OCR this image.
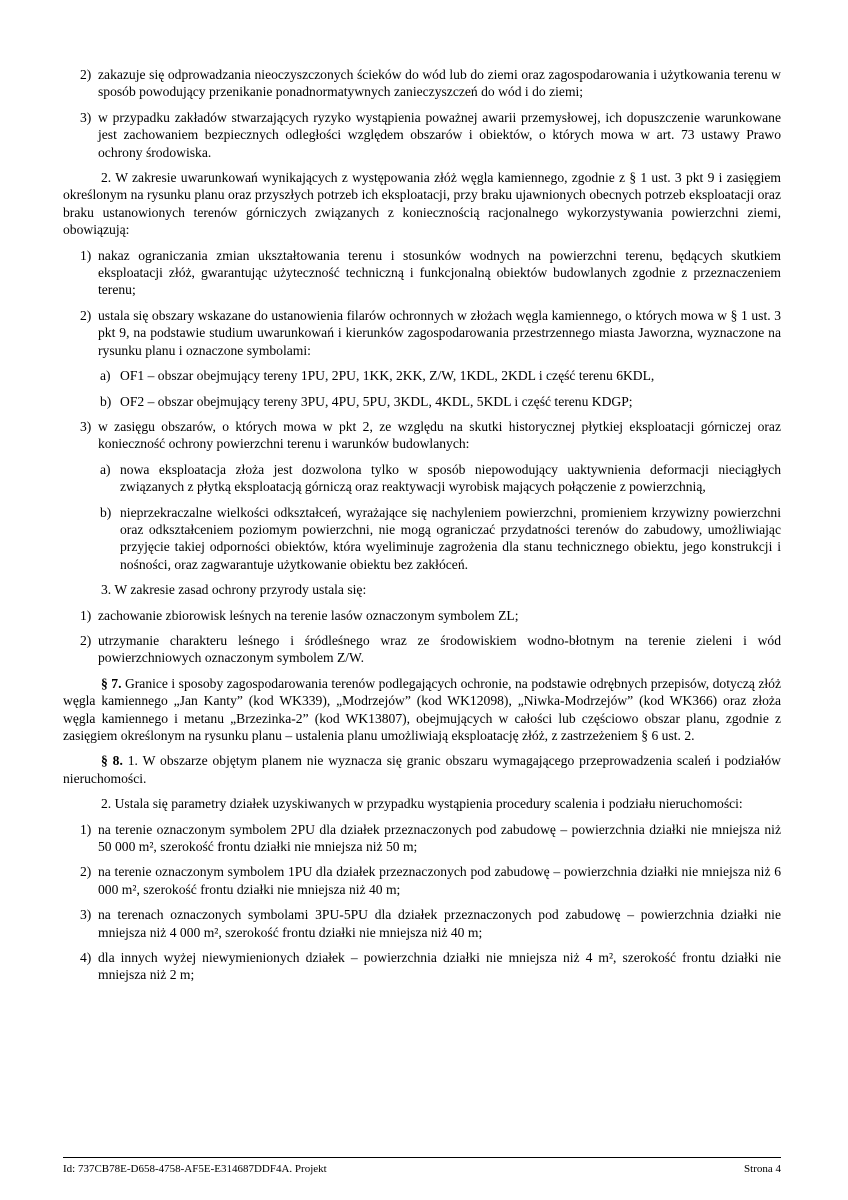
2) zakazuje się odprowadzania nieoczyszczonych ścieków do wód lub do ziemi oraz zagospodarowania i użytkowania terenu w sposób powodujący przenikanie ponadnormatywnych zanieczyszczeń do wód i do ziemi;
3) w przypadku zakładów stwarzających ryzyko wystąpienia poważnej awarii przemysłowej, ich dopuszczenie warunkowane jest zachowaniem bezpiecznych odległości względem obszarów i obiektów, o których mowa w art. 73 ustawy Prawo ochrony środowiska.

2. W zakresie uwarunkowań wynikających z występowania złóż węgla kamiennego, zgodnie z § 1 ust. 3 pkt 9 i zasięgiem określonym na rysunku planu oraz przyszłych potrzeb ich eksploatacji, przy braku ujawnionych obecnych potrzeb eksploatacji oraz braku ustanowionych terenów górniczych związanych z koniecznością racjonalnego wykorzystywania powierzchni ziemi, obowiązują:

1) nakaz ograniczania zmian ukształtowania terenu i stosunków wodnych na powierzchni terenu, będących skutkiem eksploatacji złóż, gwarantując użyteczność techniczną i funkcjonalną obiektów budowlanych zgodnie z przeznaczeniem terenu;
2) ustala się obszary wskazane do ustanowienia filarów ochronnych w złożach węgla kamiennego, o których mowa w § 1 ust. 3 pkt 9, na podstawie studium uwarunkowań i kierunków zagospodarowania przestrzennego miasta Jaworzna, wyznaczone na rysunku planu i oznaczone symbolami:
a) OF1 – obszar obejmujący tereny 1PU, 2PU, 1KK, 2KK, Z/W, 1KDL, 2KDL i część terenu 6KDL,
b) OF2 – obszar obejmujący tereny 3PU, 4PU, 5PU, 3KDL, 4KDL, 5KDL i część terenu KDGP;
3) w zasięgu obszarów, o których mowa w pkt 2, ze względu na skutki historycznej płytkiej eksploatacji górniczej oraz konieczność ochrony powierzchni terenu i warunków budowlanych:
a) nowa eksploatacja złoża jest dozwolona tylko w sposób niepowodujący uaktywnienia deformacji nieciągłych związanych z płytką eksploatacją górniczą oraz reaktywacji wyrobisk mających połączenie z powierzchnią,
b) nieprzekraczalne wielkości odkształceń, wyrażające się nachyleniem powierzchni, promieniem krzywizny powierzchni oraz odkształceniem poziomym powierzchni, nie mogą ograniczać przydatności terenów do zabudowy, umożliwiając przyjęcie takiej odporności obiektów, która wyeliminuje zagrożenia dla stanu technicznego obiektu, jego konstrukcji i nośności, oraz zagwarantuje użytkowanie obiektu bez zakłóceń.

3. W zakresie zasad ochrony przyrody ustala się:

1) zachowanie zbiorowisk leśnych na terenie lasów oznaczonym symbolem ZL;
2) utrzymanie charakteru leśnego i śródleśnego wraz ze środowiskiem wodno-błotnym na terenie zieleni i wód powierzchniowych oznaczonym symbolem Z/W.

§ 7. Granice i sposoby zagospodarowania terenów podlegających ochronie, na podstawie odrębnych przepisów, dotyczą złóż węgla kamiennego „Jan Kanty” (kod WK339), „Modrzejów” (kod WK12098), „Niwka-Modrzejów” (kod WK366) oraz złoża węgla kamiennego i metanu „Brzezinka-2” (kod WK13807), obejmujących w całości lub częściowo obszar planu, zgodnie z zasięgiem określonym na rysunku planu – ustalenia planu umożliwiają eksploatację złóż, z zastrzeżeniem § 6 ust. 2.

§ 8. 1. W obszarze objętym planem nie wyznacza się granic obszaru wymagającego przeprowadzenia scaleń i podziałów nieruchomości.

2. Ustala się parametry działek uzyskiwanych w przypadku wystąpienia procedury scalenia i podziału nieruchomości:

1) na terenie oznaczonym symbolem 2PU dla działek przeznaczonych pod zabudowę – powierzchnia działki nie mniejsza niż 50 000 m², szerokość frontu działki nie mniejsza niż 50 m;
2) na terenie oznaczonym symbolem 1PU dla działek przeznaczonych pod zabudowę – powierzchnia działki nie mniejsza niż 6 000 m², szerokość frontu działki nie mniejsza niż 40 m;
3) na terenach oznaczonych symbolami 3PU-5PU dla działek przeznaczonych pod zabudowę – powierzchnia działki nie mniejsza niż 4 000 m², szerokość frontu działki nie mniejsza niż 40 m;
4) dla innych wyżej niewymienionych działek – powierzchnia działki nie mniejsza niż 4 m², szerokość frontu działki nie mniejsza niż 2 m;
Id: 737CB78E-D658-4758-AF5E-E314687DDF4A. Projekt	Strona 4
